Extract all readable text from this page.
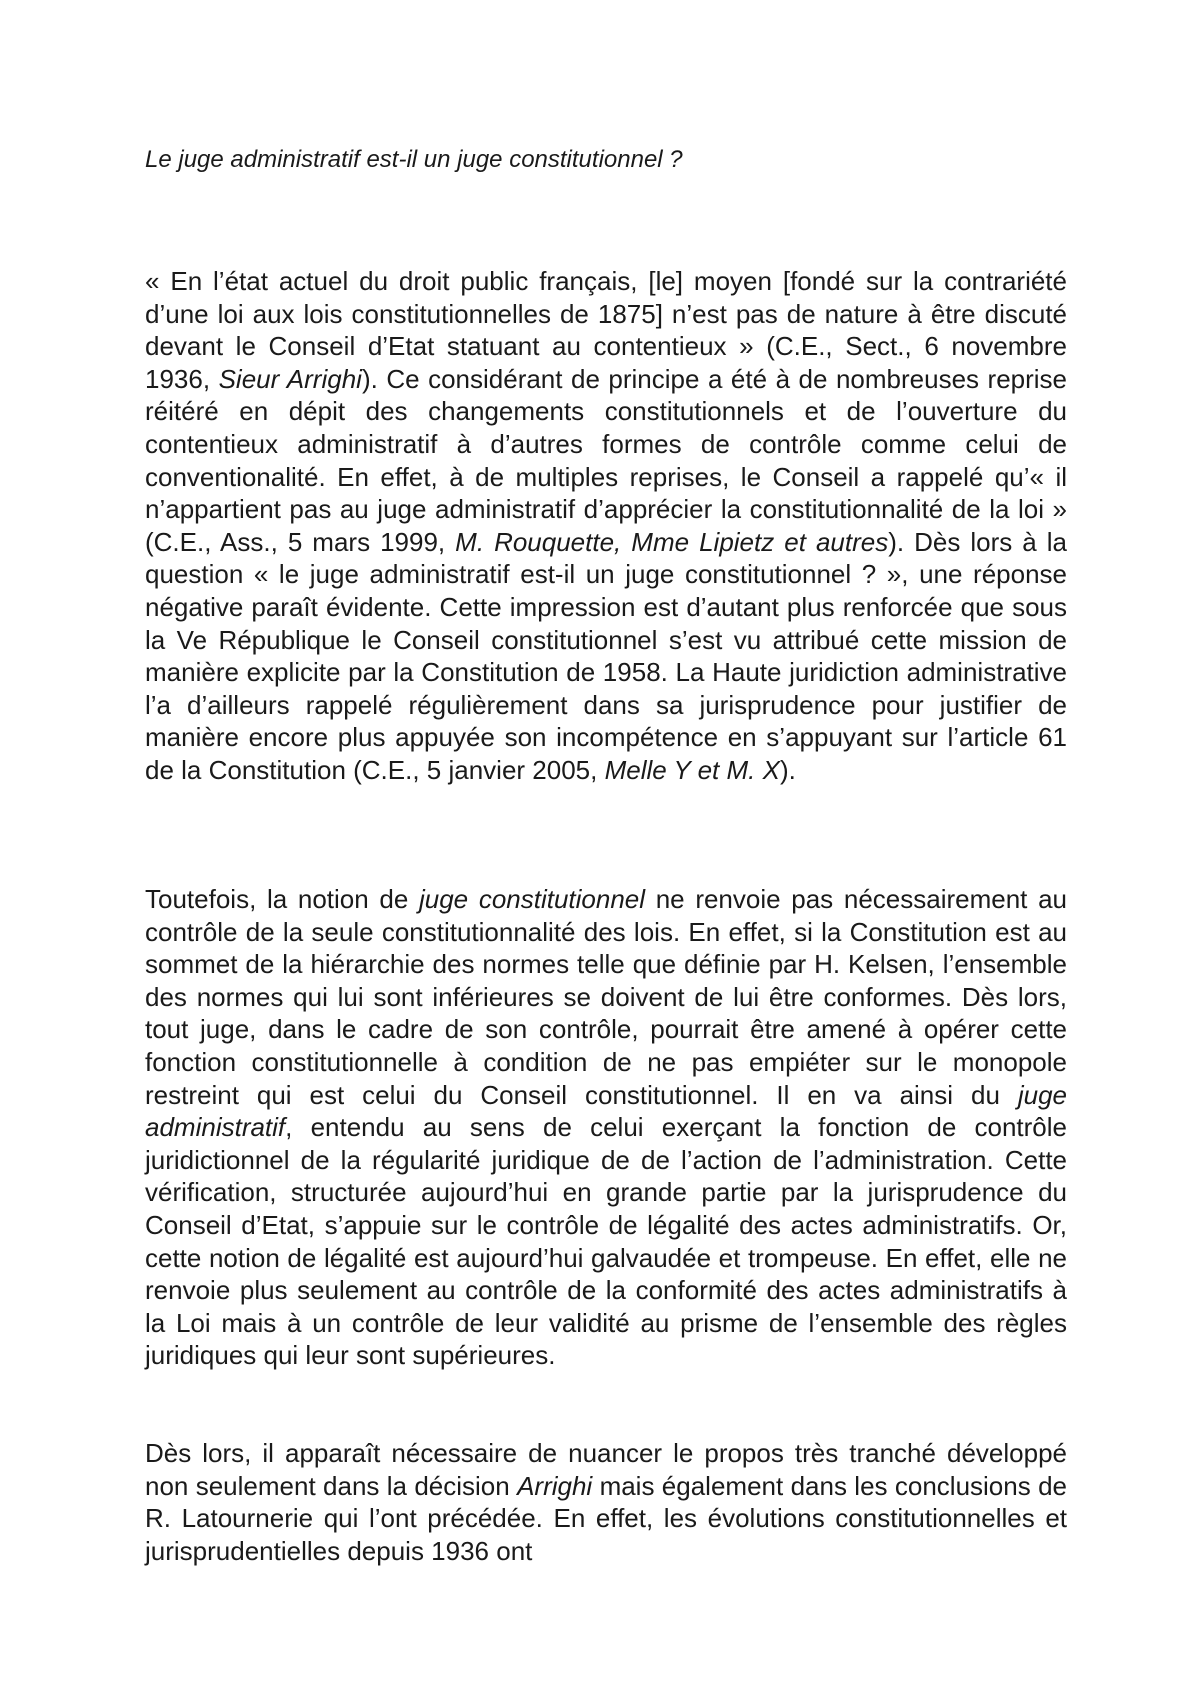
Le juge administratif est-il un juge constitutionnel ?

« En l’état actuel du droit public français, [le] moyen [fondé sur la contrariété d’une loi aux lois constitutionnelles de 1875] n’est pas de nature à être discuté devant le Conseil d’Etat statuant au contentieux » (C.E., Sect., 6 novembre 1936, Sieur Arrighi). Ce considérant de principe a été à de nombreuses reprise réitéré en dépit des changements constitutionnels et de l’ouverture du contentieux administratif à d’autres formes de contrôle comme celui de conventionalité. En effet, à de multiples reprises, le Conseil a rappelé qu’« il n’appartient pas au juge administratif d’apprécier la constitutionnalité de la loi » (C.E., Ass., 5 mars 1999, M. Rouquette, Mme Lipietz et autres). Dès lors à la question « le juge administratif est-il un juge constitutionnel ? », une réponse négative paraît évidente. Cette impression est d’autant plus renforcée que sous la Ve République le Conseil constitutionnel s’est vu attribué cette mission de manière explicite par la Constitution de 1958. La Haute juridiction administrative l’a d’ailleurs rappelé régulièrement dans sa jurisprudence pour justifier de manière encore plus appuyée son incompétence en s’appuyant sur l’article 61 de la Constitution (C.E., 5 janvier 2005, Melle Y et M. X).

Toutefois, la notion de juge constitutionnel ne renvoie pas nécessairement au contrôle de la seule constitutionnalité des lois. En effet, si la Constitution est au sommet de la hiérarchie des normes telle que définie par H. Kelsen, l’ensemble des normes qui lui sont inférieures se doivent de lui être conformes. Dès lors, tout juge, dans le cadre de son contrôle, pourrait être amené à opérer cette fonction constitutionnelle à condition de ne pas empiéter sur le monopole restreint qui est celui du Conseil constitutionnel. Il en va ainsi du juge administratif, entendu au sens de celui exerçant la fonction de contrôle juridictionnel de la régularité juridique de de l’action de l’administration. Cette vérification, structurée aujourd’hui en grande partie par la jurisprudence du Conseil d’Etat, s’appuie sur le contrôle de légalité des actes administratifs. Or, cette notion de légalité est aujourd’hui galvaudée et trompeuse. En effet, elle ne renvoie plus seulement au contrôle de la conformité des actes administratifs à la Loi mais à un contrôle de leur validité au prisme de l’ensemble des règles juridiques qui leur sont supérieures.

Dès lors, il apparaît nécessaire de nuancer le propos très tranché développé non seulement dans la décision Arrighi mais également dans les conclusions de R. Latournerie qui l’ont précédée. En effet, les évolutions constitutionnelles et jurisprudentielles depuis 1936 ont
